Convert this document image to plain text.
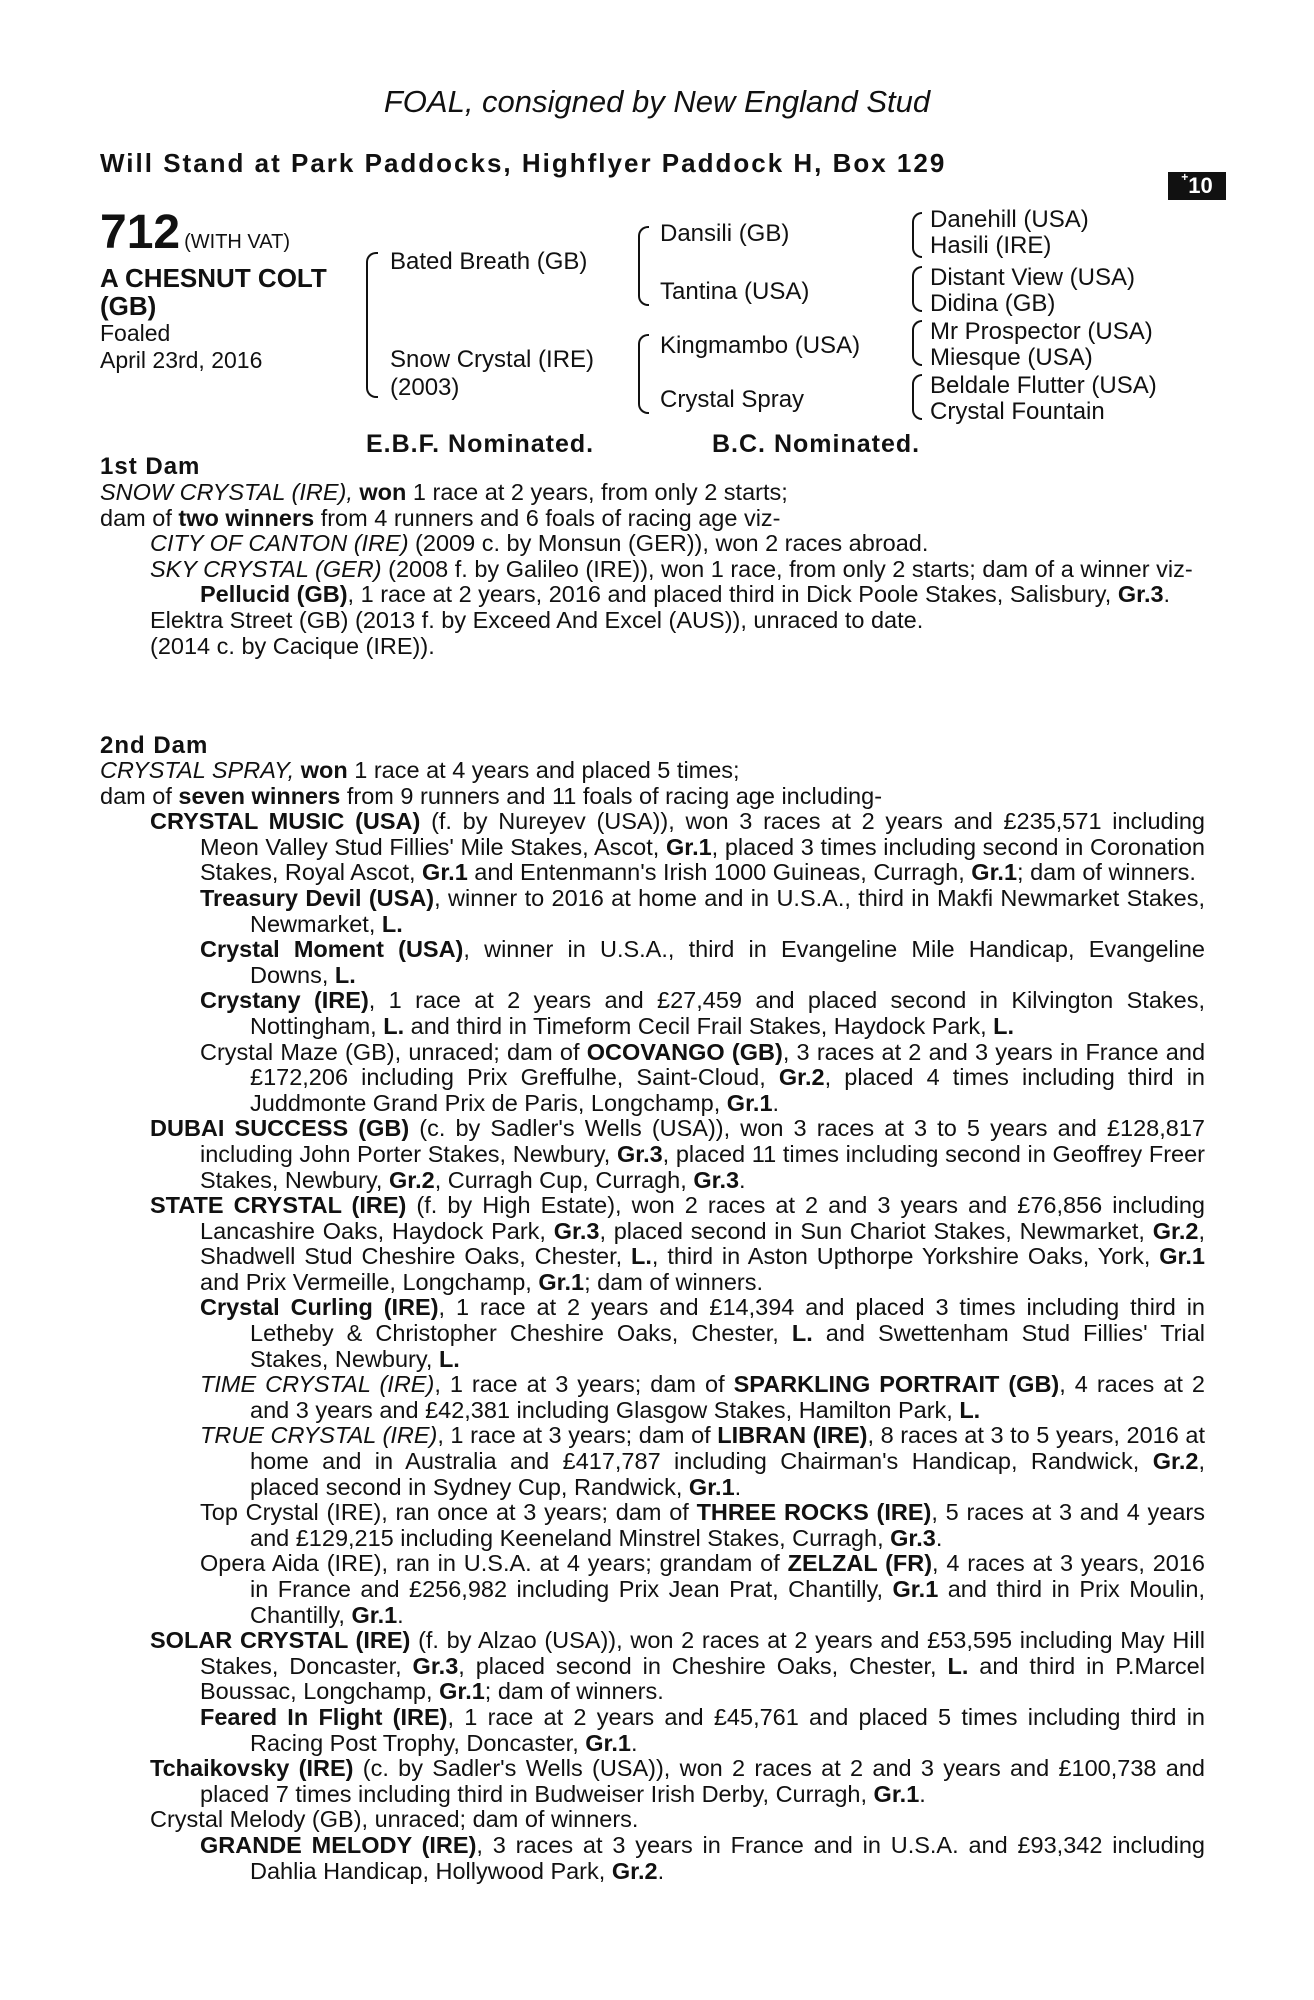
FOAL, consigned by New England Stud
Will Stand at Park Paddocks, Highflyer Paddock H, Box 129	+10
712 (WITH VAT)
A CHESNUT COLT
(GB)
Foaled
April 23rd, 2016
Bated Breath (GB)
Snow Crystal (IRE)
(2003)
Dansili (GB)
Tantina (USA)
Kingmambo (USA)
Crystal Spray
Danehill (USA)
Hasili (IRE)
Distant View (USA)
Didina (GB)
Mr Prospector (USA)
Miesque (USA)
Beldale Flutter (USA)
Crystal Fountain
E.B.F. Nominated.	B.C. Nominated.
1st Dam

SNOW CRYSTAL (IRE), won 1 race at 2 years, from only 2 starts;

dam of two winners from 4 runners and 6 foals of racing age viz-

CITY OF CANTON (IRE) (2009 c. by Monsun (GER)), won 2 races abroad.

SKY CRYSTAL (GER) (2008 f. by Galileo (IRE)), won 1 race, from only 2 starts; dam of a winner viz-

Pellucid (GB), 1 race at 2 years, 2016 and placed third in Dick Poole Stakes, Salisbury, Gr.3.

Elektra Street (GB) (2013 f. by Exceed And Excel (AUS)), unraced to date.

(2014 c. by Cacique (IRE)).

2nd Dam

CRYSTAL SPRAY, won 1 race at 4 years and placed 5 times;

dam of seven winners from 9 runners and 11 foals of racing age including-

CRYSTAL MUSIC (USA) (f. by Nureyev (USA)), won 3 races at 2 years and £235,571 including Meon Valley Stud Fillies' Mile Stakes, Ascot, Gr.1, placed 3 times including second in Coronation Stakes, Royal Ascot, Gr.1 and Entenmann's Irish 1000 Guineas, Curragh, Gr.1; dam of winners.

Treasury Devil (USA), winner to 2016 at home and in U.S.A., third in Makfi Newmarket Stakes, Newmarket, L.

Crystal Moment (USA), winner in U.S.A., third in Evangeline Mile Handicap, Evangeline Downs, L.

Crystany (IRE), 1 race at 2 years and £27,459 and placed second in Kilvington Stakes, Nottingham, L. and third in Timeform Cecil Frail Stakes, Haydock Park, L.

Crystal Maze (GB), unraced; dam of OCOVANGO (GB), 3 races at 2 and 3 years in France and £172,206 including Prix Greffulhe, Saint-Cloud, Gr.2, placed 4 times including third in Juddmonte Grand Prix de Paris, Longchamp, Gr.1.

DUBAI SUCCESS (GB) (c. by Sadler's Wells (USA)), won 3 races at 3 to 5 years and £128,817 including John Porter Stakes, Newbury, Gr.3, placed 11 times including second in Geoffrey Freer Stakes, Newbury, Gr.2, Curragh Cup, Curragh, Gr.3.

STATE CRYSTAL (IRE) (f. by High Estate), won 2 races at 2 and 3 years and £76,856 including Lancashire Oaks, Haydock Park, Gr.3, placed second in Sun Chariot Stakes, Newmarket, Gr.2, Shadwell Stud Cheshire Oaks, Chester, L., third in Aston Upthorpe Yorkshire Oaks, York, Gr.1 and Prix Vermeille, Longchamp, Gr.1; dam of winners.

Crystal Curling (IRE), 1 race at 2 years and £14,394 and placed 3 times including third in Letheby & Christopher Cheshire Oaks, Chester, L. and Swettenham Stud Fillies' Trial Stakes, Newbury, L.

TIME CRYSTAL (IRE), 1 race at 3 years; dam of SPARKLING PORTRAIT (GB), 4 races at 2 and 3 years and £42,381 including Glasgow Stakes, Hamilton Park, L.

TRUE CRYSTAL (IRE), 1 race at 3 years; dam of LIBRAN (IRE), 8 races at 3 to 5 years, 2016 at home and in Australia and £417,787 including Chairman's Handicap, Randwick, Gr.2, placed second in Sydney Cup, Randwick, Gr.1.

Top Crystal (IRE), ran once at 3 years; dam of THREE ROCKS (IRE), 5 races at 3 and 4 years and £129,215 including Keeneland Minstrel Stakes, Curragh, Gr.3.

Opera Aida (IRE), ran in U.S.A. at 4 years; grandam of ZELZAL (FR), 4 races at 3 years, 2016 in France and £256,982 including Prix Jean Prat, Chantilly, Gr.1 and third in Prix Moulin, Chantilly, Gr.1.

SOLAR CRYSTAL (IRE) (f. by Alzao (USA)), won 2 races at 2 years and £53,595 including May Hill Stakes, Doncaster, Gr.3, placed second in Cheshire Oaks, Chester, L. and third in P.Marcel Boussac, Longchamp, Gr.1; dam of winners.

Feared In Flight (IRE), 1 race at 2 years and £45,761 and placed 5 times including third in Racing Post Trophy, Doncaster, Gr.1.

Tchaikovsky (IRE) (c. by Sadler's Wells (USA)), won 2 races at 2 and 3 years and £100,738 and placed 7 times including third in Budweiser Irish Derby, Curragh, Gr.1.

Crystal Melody (GB), unraced; dam of winners.

GRANDE MELODY (IRE), 3 races at 3 years in France and in U.S.A. and £93,342 including Dahlia Handicap, Hollywood Park, Gr.2.
